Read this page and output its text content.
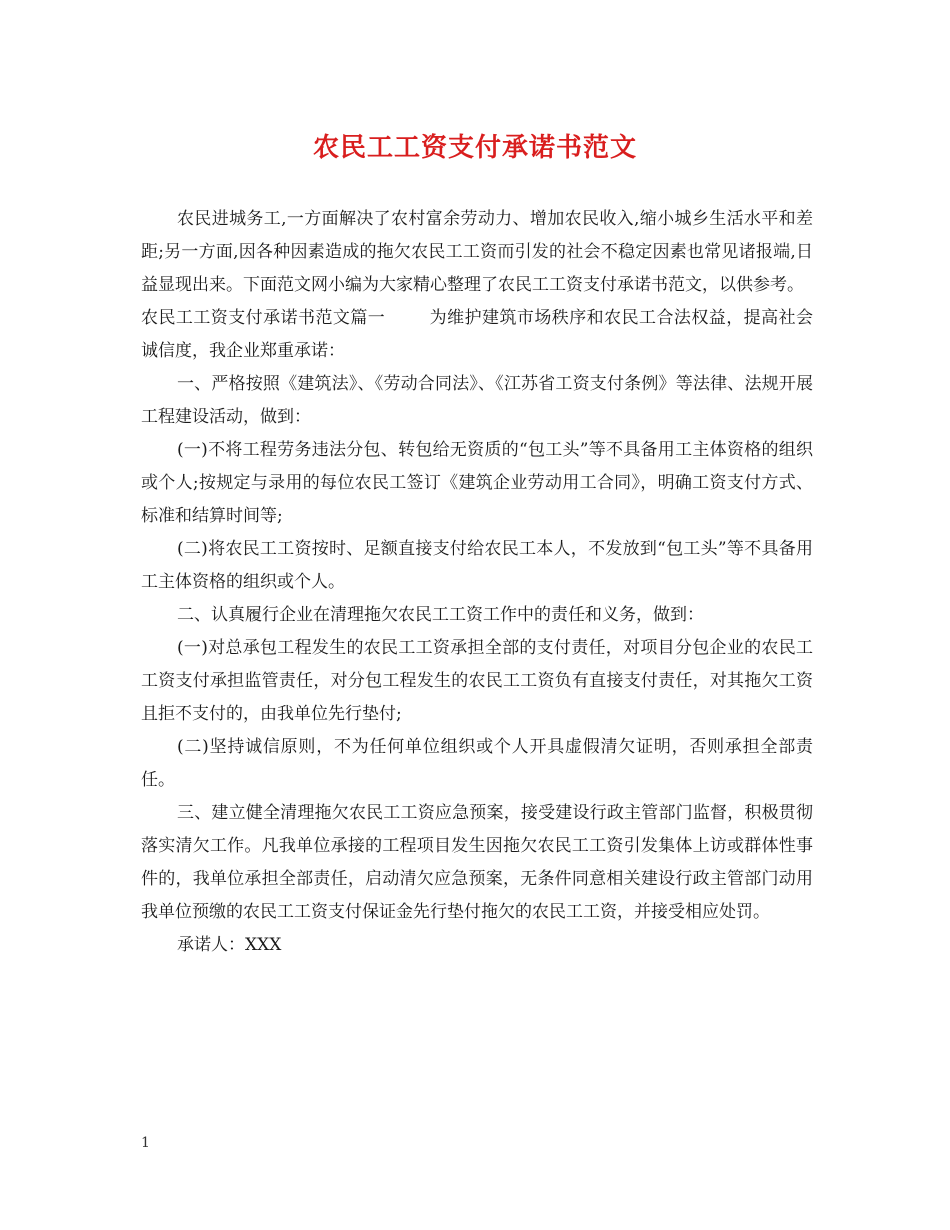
农民工工资支付承诺书范文

农民进城务工,一方面解决了农村富余劳动力、增加农民收入,缩小城乡生活水平和差距;另一方面,因各种因素造成的拖欠农民工工资而引发的社会不稳定因素也常见诸报端,日益显现出来。下面范文网小编为大家精心整理了农民工工资支付承诺书范文，以供参考。

农民工工资支付承诺书范文篇一	为维护建筑市场秩序和农民工合法权益，提高社会诚信度，我企业郑重承诺：

一、严格按照《建筑法》、《劳动合同法》、《江苏省工资支付条例》等法律、法规开展工程建设活动，做到：

(一)不将工程劳务违法分包、转包给无资质的“包工头”等不具备用工主体资格的组织或个人;按规定与录用的每位农民工签订《建筑企业劳动用工合同》，明确工资支付方式、标准和结算时间等;

(二)将农民工工资按时、足额直接支付给农民工本人，不发放到“包工头”等不具备用工主体资格的组织或个人。

二、认真履行企业在清理拖欠农民工工资工作中的责任和义务，做到：

(一)对总承包工程发生的农民工工资承担全部的支付责任，对项目分包企业的农民工工资支付承担监管责任，对分包工程发生的农民工工资负有直接支付责任，对其拖欠工资且拒不支付的，由我单位先行垫付;

(二)坚持诚信原则，不为任何单位组织或个人开具虚假清欠证明，否则承担全部责任。

三、建立健全清理拖欠农民工工资应急预案，接受建设行政主管部门监督，积极贯彻落实清欠工作。凡我单位承接的工程项目发生因拖欠农民工工资引发集体上访或群体性事件的，我单位承担全部责任，启动清欠应急预案，无条件同意相关建设行政主管部门动用我单位预缴的农民工工资支付保证金先行垫付拖欠的农民工工资，并接受相应处罚。

承诺人：XXX

1
